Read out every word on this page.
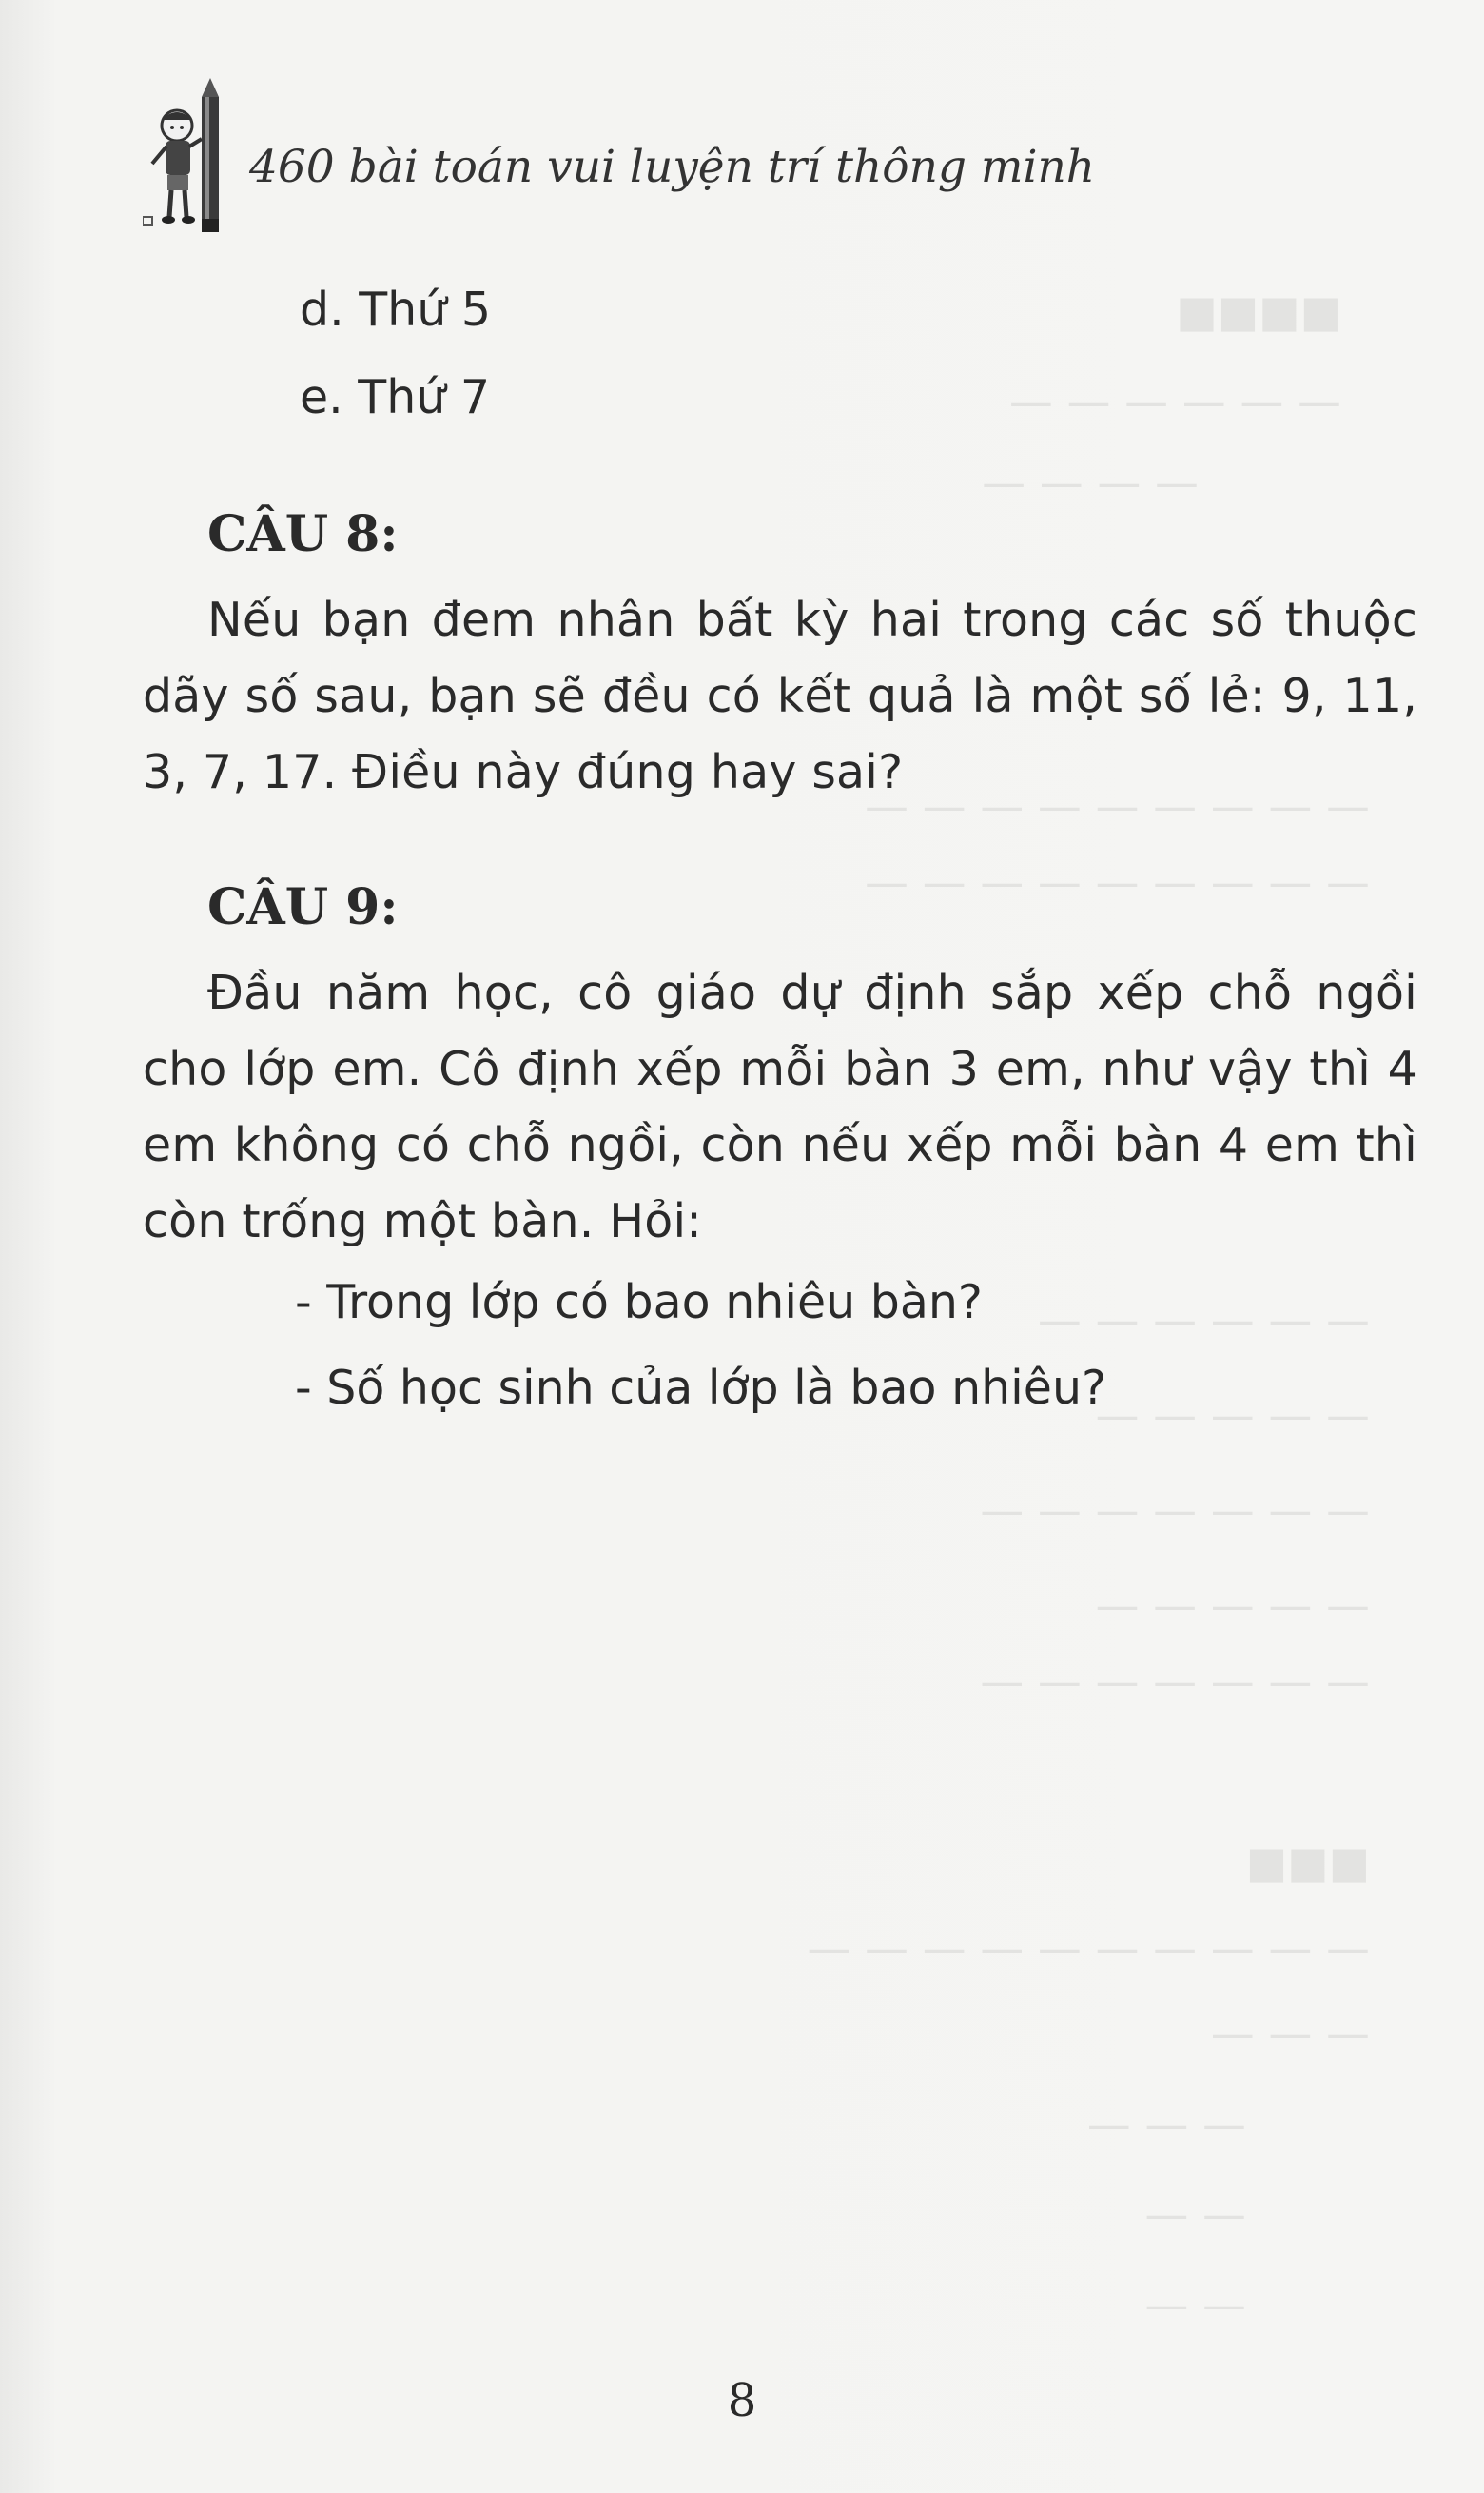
■■■■
— — — — — —
— — — —
— — — — — — — — —
— — — — — — — — —
— — — — — —
— — — — —
— — — — — — —
— — — — —
— — — — — — —
■■■
— — — — — — — — — —
— — —
— — —
— —
— —
460 bài toán vui luyện trí thông minh
d. Thứ 5
e. Thứ 7
CÂU 8:
Nếu bạn đem nhân bất kỳ hai trong các số thuộc dãy số sau, bạn sẽ đều có kết quả là một số lẻ: 9, 11, 3, 7, 17. Điều này đúng hay sai?
CÂU 9:
Đầu năm học, cô giáo dự định sắp xếp chỗ ngồi cho lớp em. Cô định xếp mỗi bàn 3 em, như vậy thì 4 em không có chỗ ngồi, còn nếu xếp mỗi bàn 4 em thì còn trống một bàn. Hỏi:
- Trong lớp có bao nhiêu bàn?
- Số học sinh của lớp là bao nhiêu?
8
